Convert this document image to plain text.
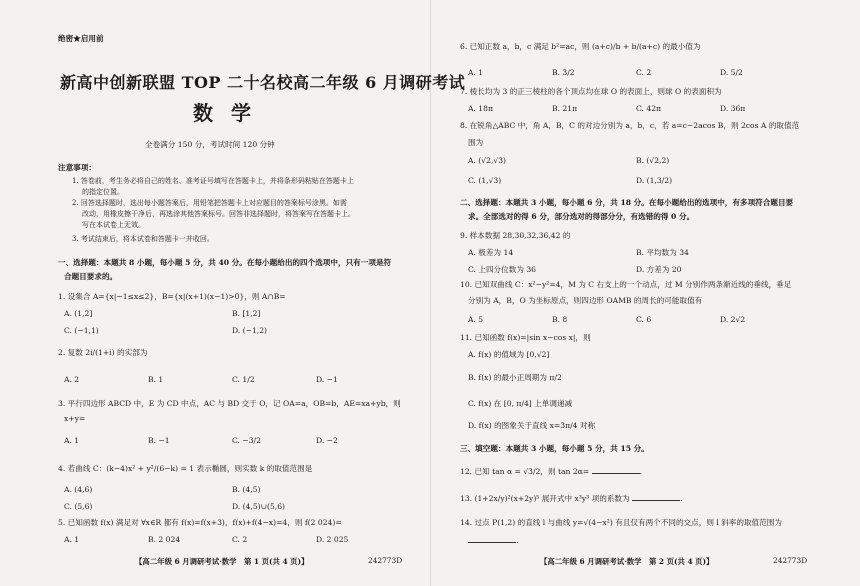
绝密★启用前
新高中创新联盟 TOP 二十名校高二年级 6 月调研考试
数学
全卷满分 150 分，考试时间 120 分钟
注意事项：
1. 答卷前，考生务必将自己的姓名、准考证号填写在答题卡上，并将条形码粘贴在答题卡上
的指定位置。
2. 回答选择题时，选出每小题答案后，用铅笔把答题卡上对应题目的答案标号涂黑。如需
改动，用橡皮擦干净后，再选涂其他答案标号。回答非选择题时，将答案写在答题卡上。
写在本试卷上无效。
3. 考试结束后，将本试卷和答题卡一并收回。
一、选择题：本题共 8 小题，每小题 5 分，共 40 分。在每小题给出的四个选项中，只有一项是符
合题目要求的。
1. 设集合 A={x|−1≤x≤2}，B={x|(x+1)(x−1)>0}，则 A∩B=
A. (1,2]	B. [1,2]
C. (−1,1)	D. (−1,2)
2. 复数 2i/(1+i) 的实部为
A. 2	B. 1	C. 1/2	D. −1
3. 平行四边形 ABCD 中，E 为 CD 中点，AC 与 BD 交于 O，记 OA=a，OB=b，AE=xa+yb，则
x+y=
A. 1	B. −1	C. −3/2	D. −2
4. 若曲线 C：(k−4)x² + y²/(6−k) = 1 表示椭圆，则实数 k 的取值范围是
A. (4,6)	B. (4,5)
C. (5,6)	D. (4,5)∪(5,6)
5. 已知函数 f(x) 满足对 ∀x∈R 都有 f(x)=f(x+3)，f(x)+f(4−x)=4，则 f(2 024)=
A. 1	B. 2 024	C. 2	D. 2 025
【高二年级 6 月调研考试·数学　第 1 页(共 4 页)】	242773D
6. 已知正数 a，b，c 满足 b²=ac，则 (a+c)/b + b/(a+c) 的最小值为
A. 1	B. 3/2	C. 2	D. 5/2
7. 棱长均为 3 的正三棱柱的各个顶点均在球 O 的表面上，则球 O 的表面积为
A. 18π	B. 21π	C. 42π	D. 36π
8. 在锐角△ABC 中，角 A，B，C 的对边分别为 a，b，c，若 a=c−2acos B，则 2cos A 的取值范
围为
A. (√2,√3)	B. (√2,2)
C. (1,√3)	D. (1,3/2)
二、选择题：本题共 3 小题，每小题 6 分，共 18 分。在每小题给出的选项中，有多项符合题目要
求。全部选对的得 6 分，部分选对的得部分分，有选错的得 0 分。
9. 样本数据 28,30,32,36,42 的
A. 极差为 14	B. 平均数为 34
C. 上四分位数为 36	D. 方差为 20
10. 已知双曲线 C：x²−y²=4，M 为 C 右支上的一个动点，过 M 分别作两条渐近线的垂线，垂足
分别为 A，B，O 为坐标原点，则四边形 OAMB 的周长的可能取值有
A. 5	B. 8	C. 6	D. 2√2
11. 已知函数 f(x)=|sin x−cos x|，则
A. f(x) 的值域为 [0,√2]
B. f(x) 的最小正周期为 π/2
C. f(x) 在 [0, π/4] 上单调递减
D. f(x) 的图象关于直线 x=3π/4 对称
三、填空题：本题共 3 小题，每小题 5 分，共 15 分。
12. 已知 tan α = √3/2，则 tan 2α=	.
13. (1+2x/y)²(x+2y)⁵ 展开式中 x³y³ 项的系数为	.
14. 过点 P(1,2) 的直线 l 与曲线 y=√(4−x²) 有且仅有两个不同的交点，则 l 斜率的取值范围为
.
【高二年级 6 月调研考试·数学　第 2 页(共 4 页)】	242773D
